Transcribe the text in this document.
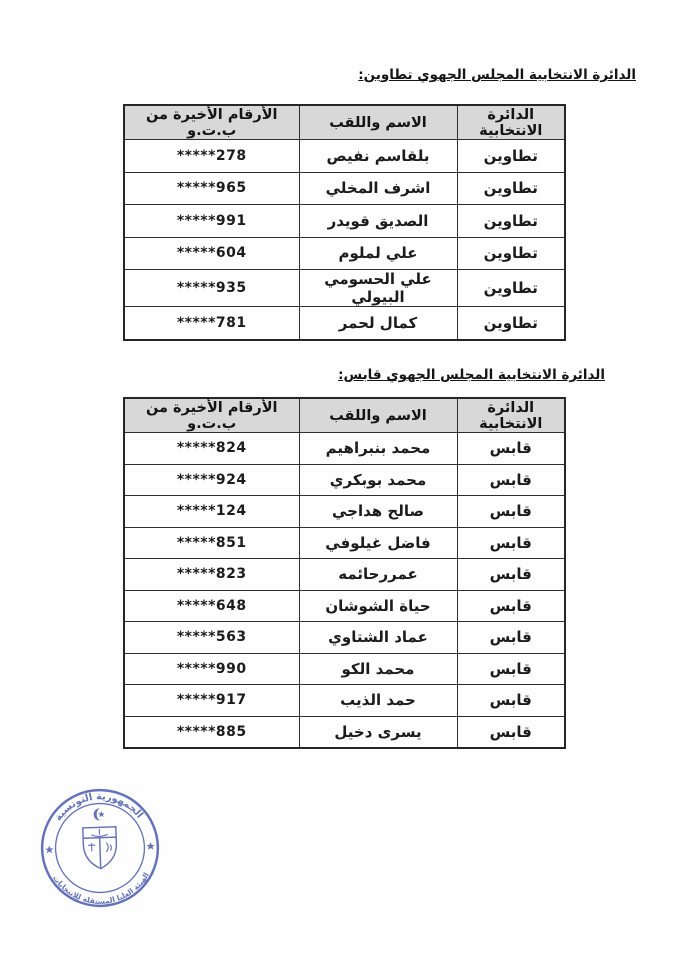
الدائرة الانتخابية المجلس الجهوي تطاوين:
الدائرة الانتخابية	الاسم واللقب	الأرقام الأخيرة من ب.ت.و
تطاوين	بلقاسم نفيص	*****278
تطاوين	اشرف المخلي	*****965
تطاوين	الصديق قويدر	*****991
تطاوين	علي لملوم	*****604
تطاوين	علي الحسومي البيولي	*****935
تطاوين	كمال لحمر	*****781
الدائرة الانتخابية المجلس الجهوي قابس:
الدائرة الانتخابية	الاسم واللقب	الأرقام الأخيرة من ب.ت.و
قابس	محمد بنبراهيم	*****824
قابس	محمد بوبكري	*****924
قابس	صالح هداجي	*****124
قابس	فاضل غيلوفي	*****851
قابس	عمررحائمه	*****823
قابس	حياة الشوشان	*****648
قابس	عماد الشتاوي	*****563
قابس	محمد الكو	*****990
قابس	حمد الذيب	*****917
قابس	يسرى دخيل	*****885
الجمهورية التونسية
الهيئة العليا المستقلة للانتخابات
